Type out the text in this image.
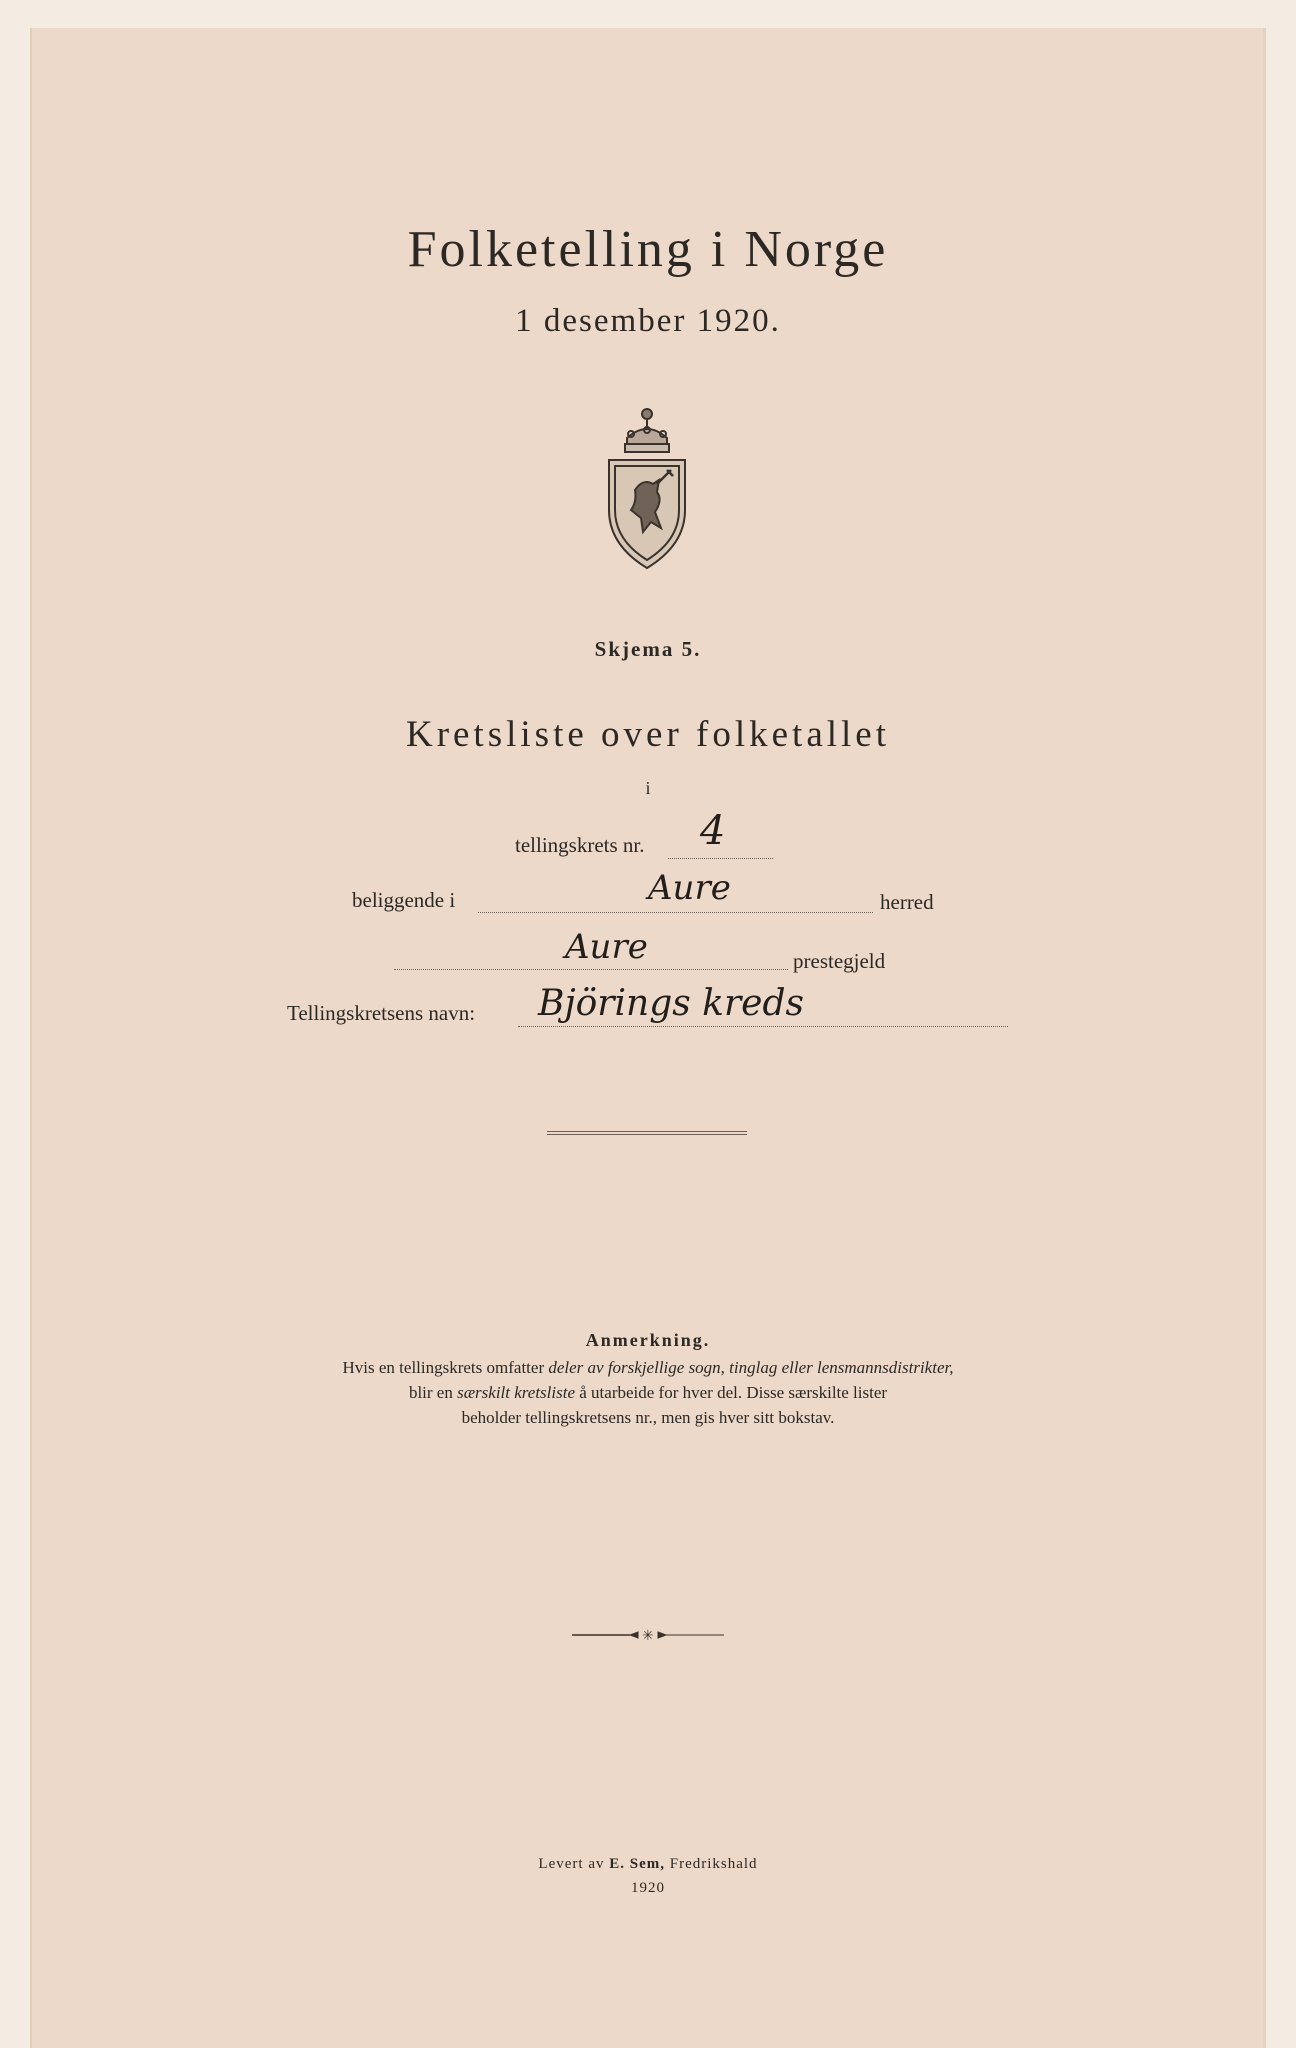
Folketelling i Norge
1 desember 1920.
Skjema 5.
Kretsliste over folketallet
i
tellingskrets nr. 4
beliggende i	Aure	herred
Aure	prestegjeld
Tellingskretsens navn: Björings kreds
Anmerkning.
Hvis en tellingskrets omfatter deler av forskjellige sogn, tinglag eller lensmannsdistrikter,
blir en særskilt kretsliste å utarbeide for hver del. Disse særskilte lister
beholder tellingskretsens nr., men gis hver sitt bokstav.
✳
Levert av E. Sem, Fredrikshald
1920
